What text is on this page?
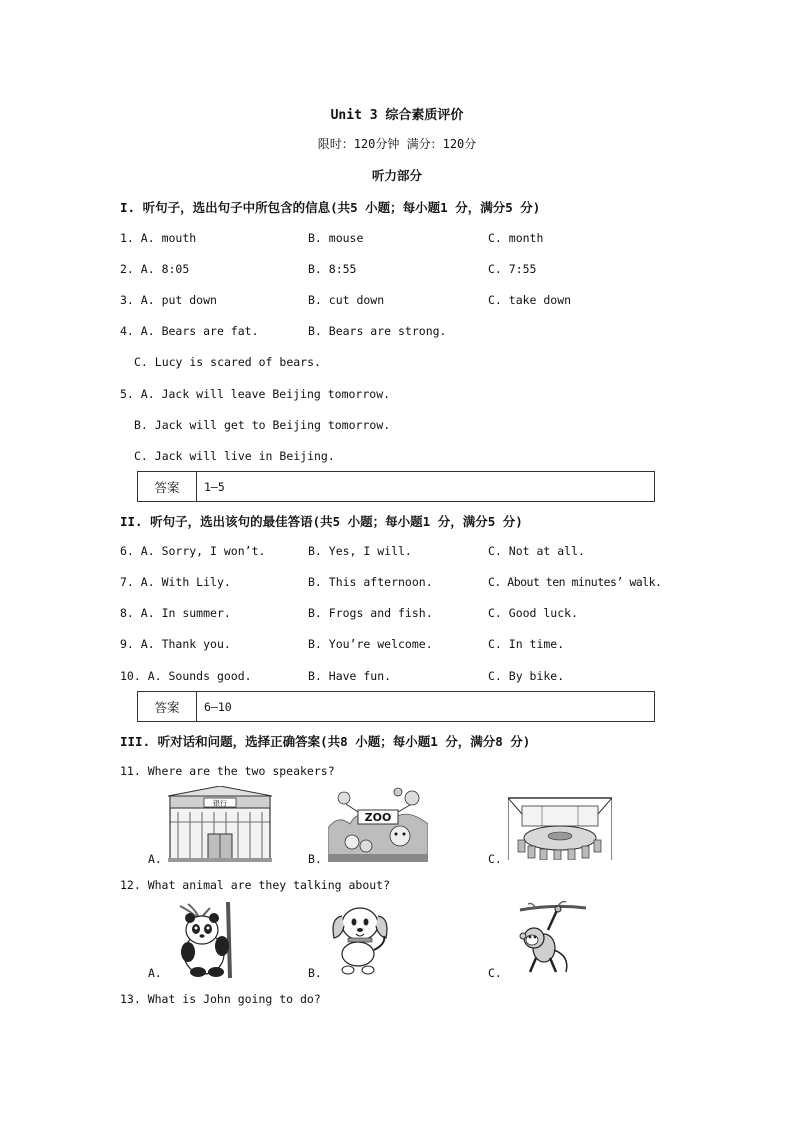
Unit 3 综合素质评价
限时：120分钟 满分：120分
听力部分
I. 听句子，选出句子中所包含的信息(共5 小题；每小题1 分，满分5 分)
1. A. mouth	B. mouse	C. month
2. A. 8:05	B. 8:55	C. 7:55
3. A. put down	B. cut down	C. take down
4. A. Bears are fat.	B. Bears are strong.
C. Lucy is scared of bears.
5. A. Jack will leave Beijing tomorrow.
B. Jack will get to Beijing tomorrow.
C. Jack will live in Beijing.
答案	1—5
II. 听句子，选出该句的最佳答语(共5 小题；每小题1 分，满分5 分)
6. A. Sorry, I won’t.	B. Yes, I will.	C. Not at all.
7. A. With Lily.	B. This afternoon.	C. About ten minutes’ walk.
8. A. In summer.	B. Frogs and fish.	C. Good luck.
9. A. Thank you.	B. You’re welcome.	C. In time.
10. A. Sounds good.	B. Have fun.	C. By bike.
答案	6—10
III. 听对话和问题，选择正确答案(共8 小题；每小题1 分，满分8 分)
11. Where are the two speakers?
A.	B.	C.
银行
ZOO
12. What animal are they talking about?
A.	B.	C.
13. What is John going to do?
